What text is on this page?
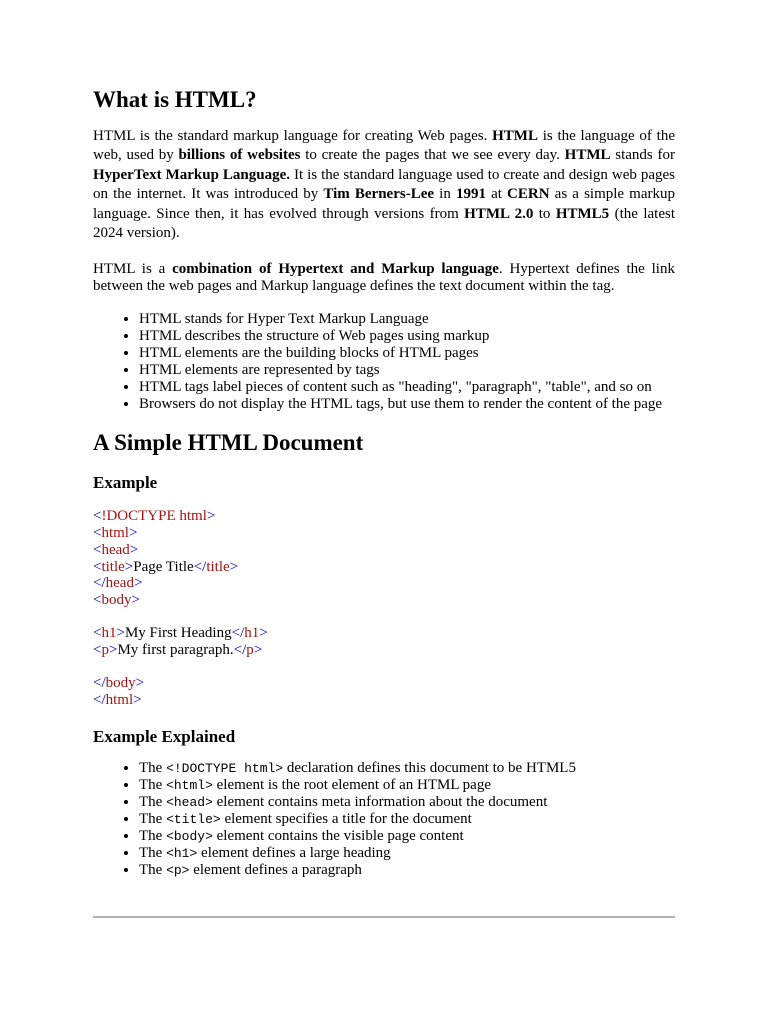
What is HTML?

HTML is the standard markup language for creating Web pages. HTML is the language of the web, used by billions of websites to create the pages that we see every day. HTML stands for HyperText Markup Language. It is the standard language used to create and design web pages on the internet. It was introduced by Tim Berners-Lee in 1991 at CERN as a simple markup language. Since then, it has evolved through versions from HTML 2.0 to HTML5 (the latest 2024 version).

HTML is a combination of Hypertext and Markup language. Hypertext defines the link between the web pages and Markup language defines the text document within the tag.

• HTML stands for Hyper Text Markup Language
• HTML describes the structure of Web pages using markup
• HTML elements are the building blocks of HTML pages
• HTML elements are represented by tags
• HTML tags label pieces of content such as "heading", "paragraph", "table", and so on
• Browsers do not display the HTML tags, but use them to render the content of the page
A Simple HTML Document
Example
<!DOCTYPE html>
<html>
<head>
<title>Page Title</title>
</head>
<body>

<h1>My First Heading</h1>
<p>My first paragraph.</p>

</body>
</html>
Example Explained
• The <!DOCTYPE html> declaration defines this document to be HTML5
• The <html> element is the root element of an HTML page
• The <head> element contains meta information about the document
• The <title> element specifies a title for the document
• The <body> element contains the visible page content
• The <h1> element defines a large heading
• The <p> element defines a paragraph
